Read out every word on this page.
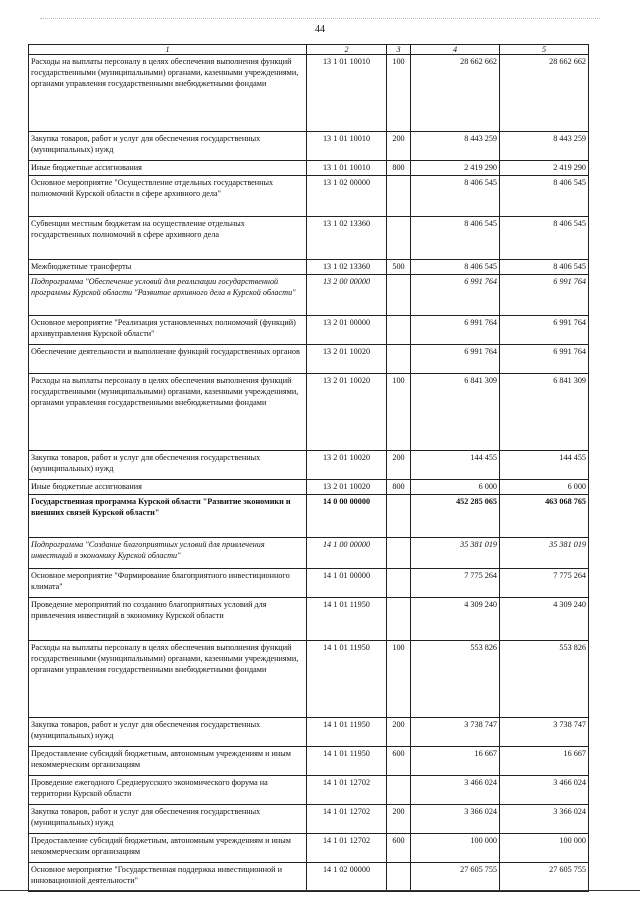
44
1	2	3	4	5
Расходы на выплаты персоналу в целях обеспечения выполнения функций государственными (муниципальными) органами, казенными учреждениями, органами управления государственными внебюджетными фондами	13 1 01 10010	100	28 662 662	28 662 662
Закупка товаров, работ и услуг для обеспечения государственных (муниципальных) нужд	13 1 01 10010	200	8 443 259	8 443 259
Иные бюджетные ассигнования	13 1 01 10010	800	2 419 290	2 419 290
Основное мероприятие "Осуществление отдельных государственных полномочий Курской области в сфере архивного дела"	13 1 02 00000		8 406 545	8 406 545
Субвенции местным бюджетам на осуществление отдельных государственных полномочий в сфере архивного дела	13 1 02 13360		8 406 545	8 406 545
Межбюджетные трансферты	13 1 02 13360	500	8 406 545	8 406 545
Подпрограмма "Обеспечение условий для реализации государственной программы Курской области "Развитие архивного дела в Курской области"	13 2 00 00000		6 991 764	6 991 764
Основное мероприятие "Реализация установленных полномочий (функций) архивуправления Курской области"	13 2 01 00000		6 991 764	6 991 764
Обеспечение деятельности и выполнение функций государственных органов	13 2 01 10020		6 991 764	6 991 764
Расходы на выплаты персоналу в целях обеспечения выполнения функций государственными (муниципальными) органами, казенными учреждениями, органами управления государственными внебюджетными фондами	13 2 01 10020	100	6 841 309	6 841 309
Закупка товаров, работ и услуг для обеспечения государственных (муниципальных) нужд	13 2 01 10020	200	144 455	144 455
Иные бюджетные ассигнования	13 2 01 10020	800	6 000	6 000
Государственная программа Курской области "Развитие экономики и внешних связей Курской области"	14 0 00 00000		452 285 065	463 068 765
Подпрограмма "Создание благоприятных условий для привлечения инвестиций в экономику Курской области"	14 1 00 00000		35 381 019	35 381 019
Основное мероприятие "Формирование благоприятного инвестиционного климата"	14 1 01 00000		7 775 264	7 775 264
Проведение мероприятий по созданию благоприятных условий для привлечения инвестиций в экономику Курской области	14 1 01 11950		4 309 240	4 309 240
Расходы на выплаты персоналу в целях обеспечения выполнения функций государственными (муниципальными) органами, казенными учреждениями, органами управления государственными внебюджетными фондами	14 1 01 11950	100	553 826	553 826
Закупка товаров, работ и услуг для обеспечения государственных (муниципальных) нужд	14 1 01 11950	200	3 738 747	3 738 747
Предоставление субсидий бюджетным, автономным учреждениям и иным некоммерческим организациям	14 1 01 11950	600	16 667	16 667
Проведение ежегодного Среднерусского экономического форума на территории Курской области	14 1 01 12702		3 466 024	3 466 024
Закупка товаров, работ и услуг для обеспечения государственных (муниципальных) нужд	14 1 01 12702	200	3 366 024	3 366 024
Предоставление субсидий бюджетным, автономным учреждениям и иным некоммерческим организациям	14 1 01 12702	600	100 000	100 000
Основное мероприятие "Государственная поддержка инвестиционной и инновационной деятельности"	14 1 02 00000		27 605 755	27 605 755
